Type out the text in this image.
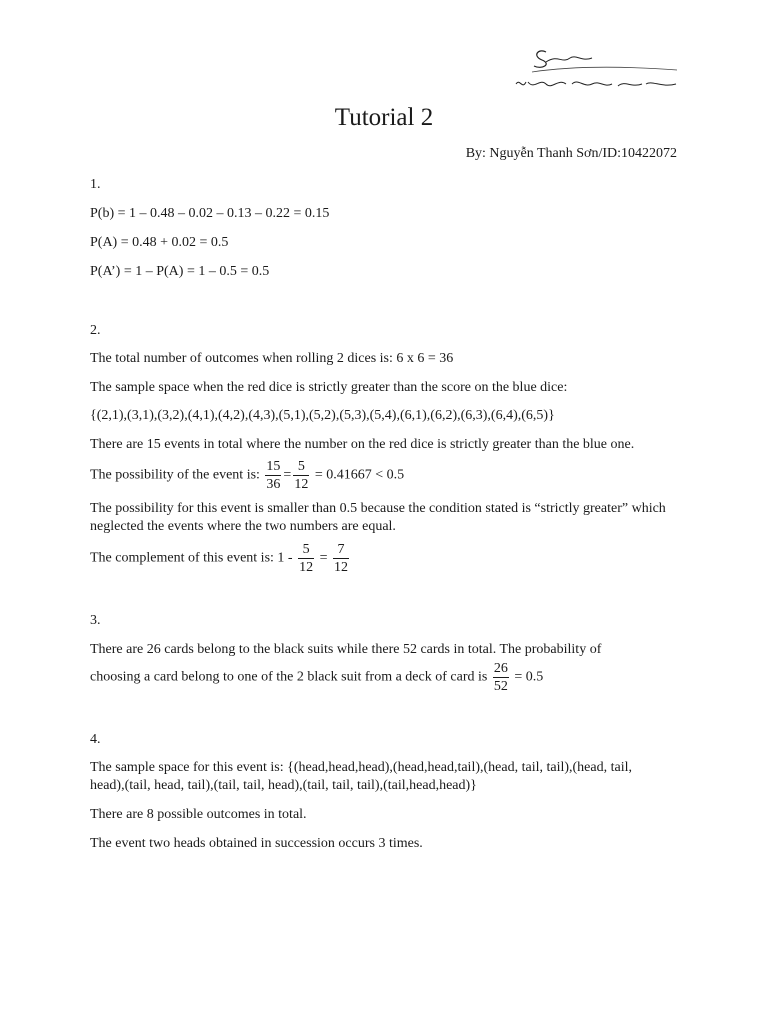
Tutorial 2
By: Nguyễn Thanh Sơn/ID:10422072

1.

P(b) = 1 – 0.48 – 0.02 – 0.13 – 0.22 = 0.15

P(A) = 0.48 + 0.02 = 0.5

P(A’) = 1 – P(A) = 1 – 0.5 = 0.5

2.

The total number of outcomes when rolling 2 dices is: 6 x 6 = 36

The sample space when the red dice is strictly greater than the score on the blue dice:

{(2,1),(3,1),(3,2),(4,1),(4,2),(4,3),(5,1),(5,2),(5,3),(5,4),(6,1),(6,2),(6,3),(6,4),(6,5)}

There are 15 events in total where the number on the red dice is strictly greater than the blue one.

The possibility of the event is: $\frac{15}{36} = \frac{5}{12} = 0.41667 < 0.5$

The possibility for this event is smaller than 0.5 because the condition stated is “strictly greater” which neglected the events where the two numbers are equal.

The complement of this event is: $1 - \frac{5}{12} = \frac{7}{12}$

3.

There are 26 cards belong to the black suits while there 52 cards in total. The probability of

choosing a card belong to one of the 2 black suit from a deck of card is $\frac{26}{52} = 0.5$

4.

The sample space for this event is: {(head,head,head),(head,head,tail),(head, tail, tail),(head, tail,

head),(tail, head, tail),(tail, tail, head),(tail, tail, tail),(tail,head,head)}

There are 8 possible outcomes in total.

The event two heads obtained in succession occurs 3 times.
